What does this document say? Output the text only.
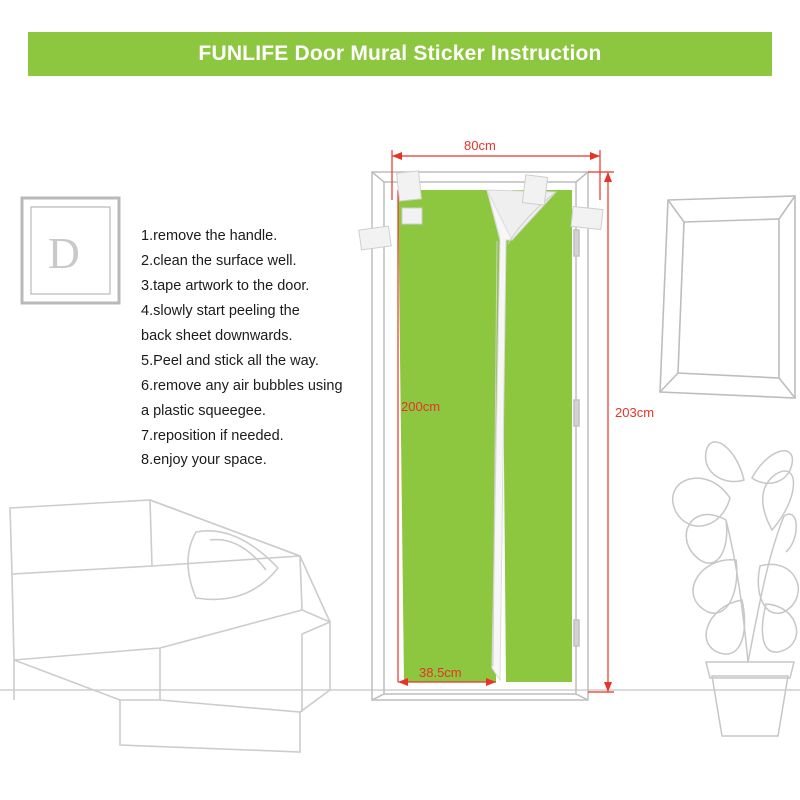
D
FUNLIFE Door Mural Sticker Instruction
1.remove the handle.
2.clean the surface well.
3.tape artwork to the door.
4.slowly start peeling the
back sheet downwards.
5.Peel and stick all the way.
6.remove any air bubbles using
a plastic squeegee.
7.reposition if needed.
8.enjoy your space.
80cm
200cm	203cm
38.5cm
